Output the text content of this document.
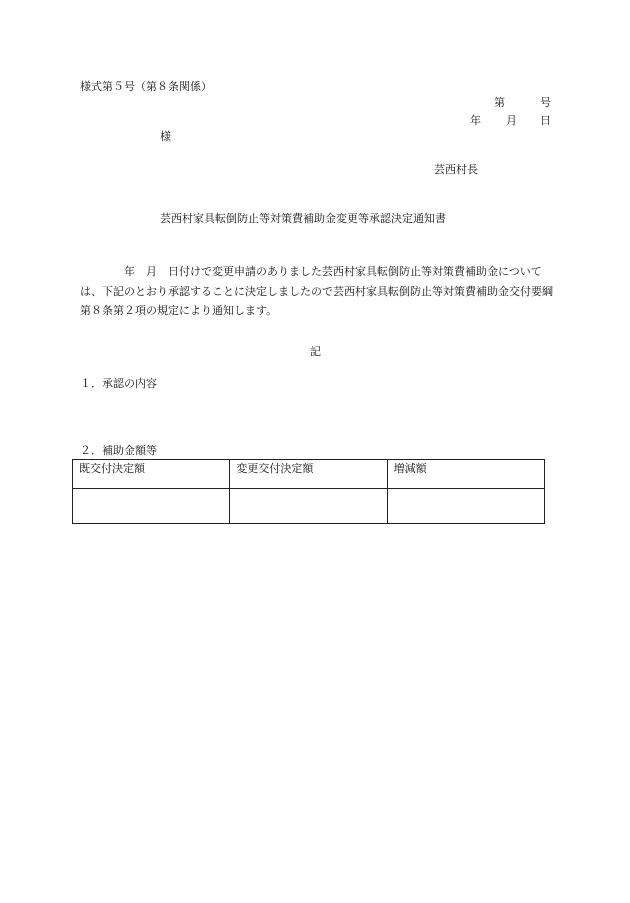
様式第５号（第８条関係）
第	号
年 月 日
様
芸西村長
芸西村家具転倒防止等対策費補助金変更等承認決定通知書
年　月　日付けで変更申請のありました芸西村家具転倒防止等対策費補助金については、下記のとおり承認することに決定しましたので芸西村家具転倒防止等対策費補助金交付要綱第８条第２項の規定により通知します。
記
１．承認の内容
２．補助金額等
既交付決定額	変更交付決定額	増減額
